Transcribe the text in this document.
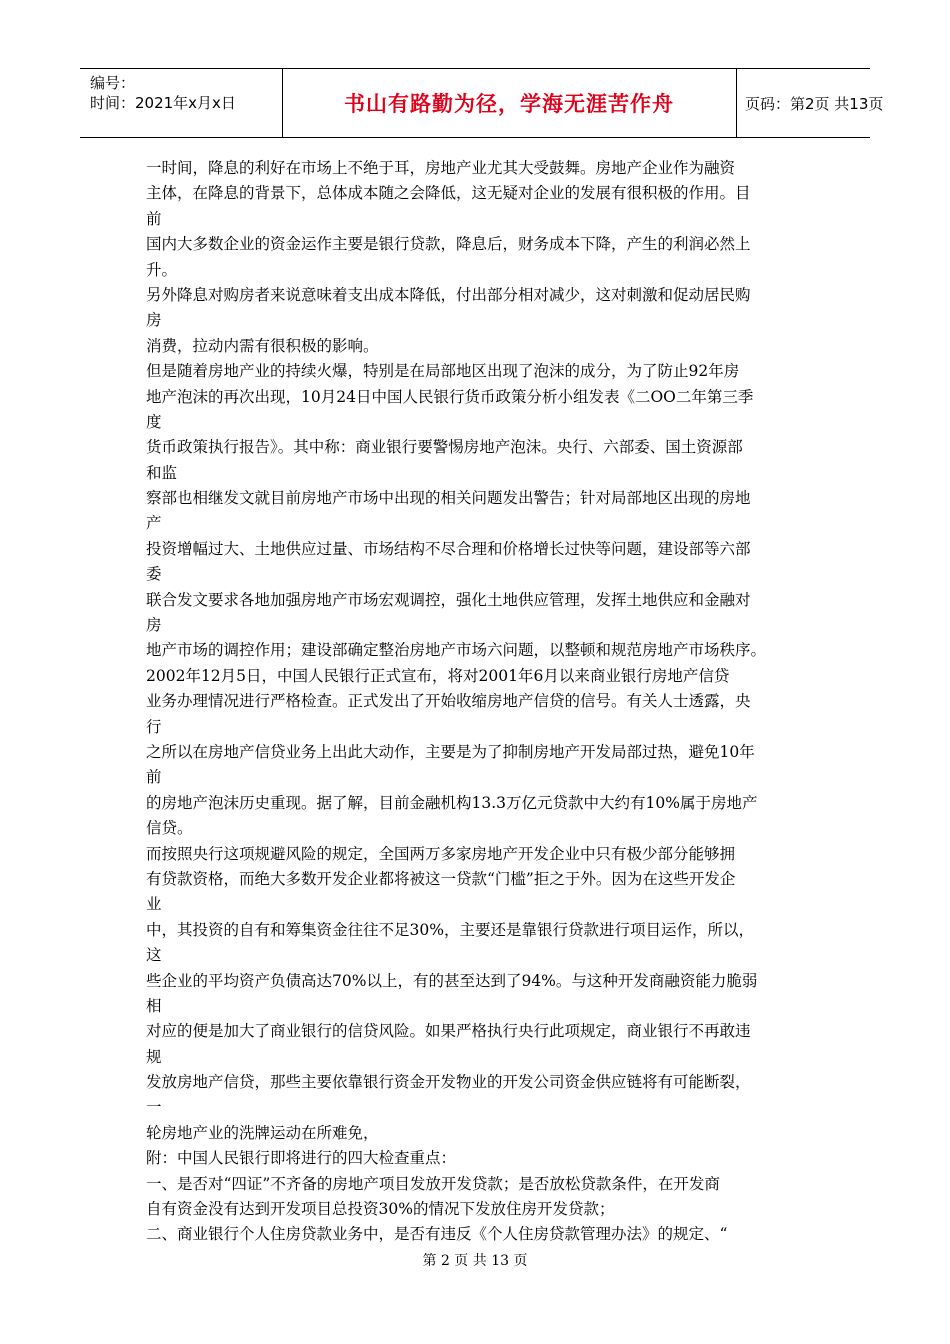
编号：
时间：2021年x月x日	书山有路勤为径，学海无涯苦作舟	页码：第2页 共13页
一时间，降息的利好在市场上不绝于耳，房地产业尤其大受鼓舞。房地产企业作为融资
主体，在降息的背景下，总体成本随之会降低，这无疑对企业的发展有很积极的作用。目
前
国内大多数企业的资金运作主要是银行贷款，降息后，财务成本下降，产生的利润必然上
升。
另外降息对购房者来说意味着支出成本降低，付出部分相对减少，这对刺激和促动居民购
房
消费，拉动内需有很积极的影响。
但是随着房地产业的持续火爆，特别是在局部地区出现了泡沫的成分，为了防止92年房
地产泡沫的再次出现，10月24日中国人民银行货币政策分析小组发表《二OO二年第三季
度
货币政策执行报告》。其中称：商业银行要警惕房地产泡沫。央行、六部委、国土资源部
和监
察部也相继发文就目前房地产市场中出现的相关问题发出警告；针对局部地区出现的房地
产
投资增幅过大、土地供应过量、市场结构不尽合理和价格增长过快等问题，建设部等六部
委
联合发文要求各地加强房地产市场宏观调控，强化土地供应管理，发挥土地供应和金融对
房
地产市场的调控作用；建设部确定整治房地产市场六问题，以整顿和规范房地产市场秩序。
2002年12月5日，中国人民银行正式宣布，将对2001年6月以来商业银行房地产信贷
业务办理情况进行严格检查。正式发出了开始收缩房地产信贷的信号。有关人士透露，央
行
之所以在房地产信贷业务上出此大动作，主要是为了抑制房地产开发局部过热，避免10年
前
的房地产泡沫历史重现。据了解，目前金融机构13.3万亿元贷款中大约有10%属于房地产
信贷。
而按照央行这项规避风险的规定，全国两万多家房地产开发企业中只有极少部分能够拥
有贷款资格，而绝大多数开发企业都将被这一贷款“门槛”拒之于外。因为在这些开发企
业
中，其投资的自有和筹集资金往往不足30%，主要还是靠银行贷款进行项目运作，所以，
这
些企业的平均资产负债高达70%以上，有的甚至达到了94%。与这种开发商融资能力脆弱
相
对应的便是加大了商业银行的信贷风险。如果严格执行央行此项规定，商业银行不再敢违
规
发放房地产信贷，那些主要依靠银行资金开发物业的开发公司资金供应链将有可能断裂，
一
轮房地产业的洗牌运动在所难免，
附：中国人民银行即将进行的四大检查重点：
一、是否对“四证”不齐备的房地产项目发放开发贷款；是否放松贷款条件，在开发商
自有资金没有达到开发项目总投资30%的情况下发放住房开发贷款；
二、商业银行个人住房贷款业务中，是否有违反《个人住房贷款管理办法》的规定、“
第 2 页 共 13 页
